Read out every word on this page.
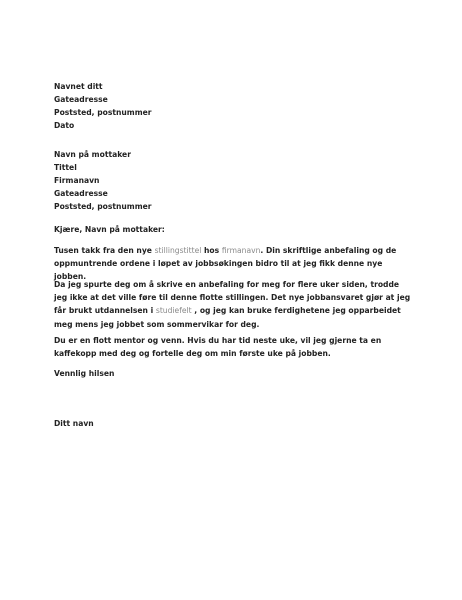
Navnet ditt
Gateadresse
Poststed, postnummer
Dato
Navn på mottaker
Tittel
Firmanavn
Gateadresse
Poststed, postnummer

Kjære, Navn på mottaker:

Tusen takk fra den nye stillingstittel hos firmanavn. Din skriftlige anbefaling og de oppmuntrende ordene i løpet av jobbsøkingen bidro til at jeg fikk denne nye jobben.

Da jeg spurte deg om å skrive en anbefaling for meg for flere uker siden, trodde jeg ikke at det ville føre til denne flotte stillingen. Det nye jobbansvaret gjør at jeg får brukt utdannelsen i studiefelt , og jeg kan bruke ferdighetene jeg opparbeidet meg mens jeg jobbet som sommervikar for deg.

Du er en flott mentor og venn. Hvis du har tid neste uke, vil jeg gjerne ta en kaffekopp med deg og fortelle deg om min første uke på jobben.

Vennlig hilsen

Ditt navn
